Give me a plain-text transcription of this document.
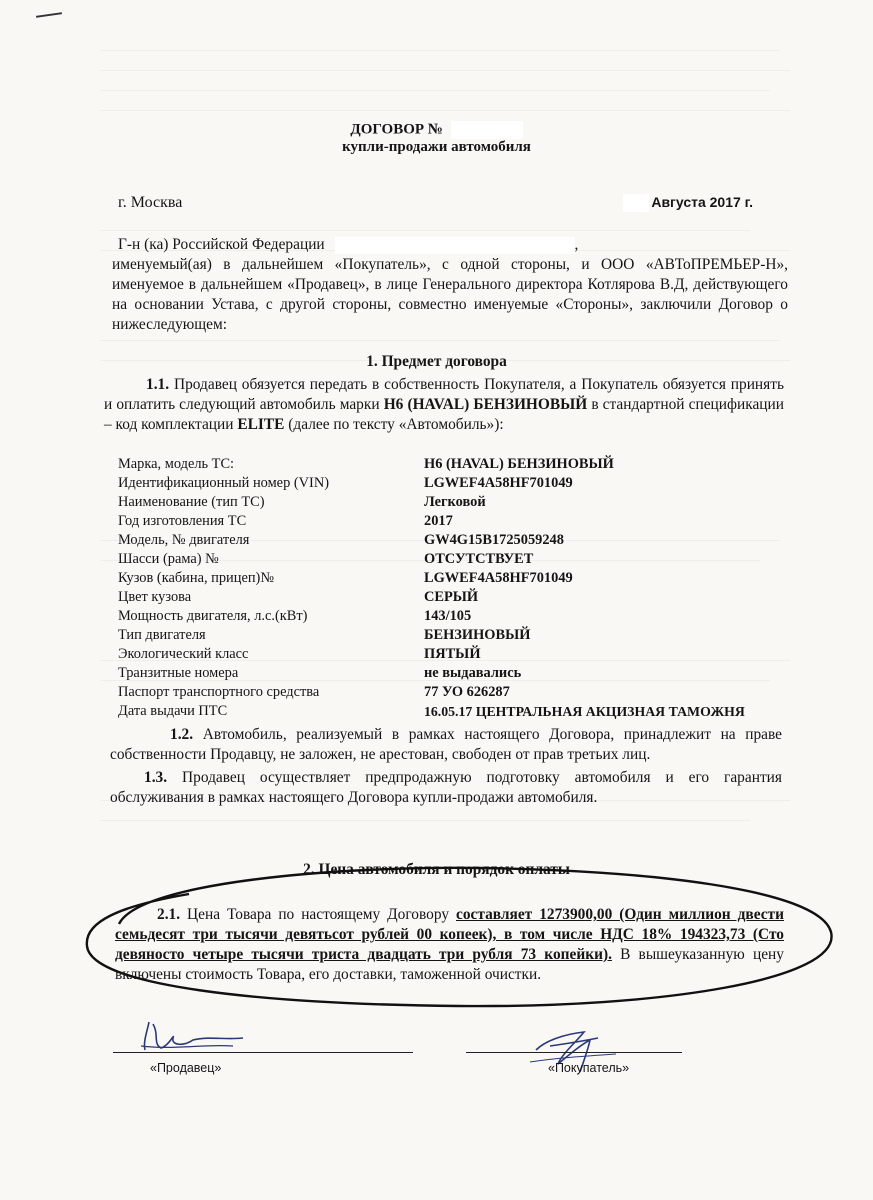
ДОГОВОР №
купли-продажи автомобиля
г. Москва	Августа 2017 г.
Г-н (ка) Российской Федерации	,
именуемый(ая) в дальнейшем «Покупатель», с одной стороны, и ООО «АВТоПРЕМЬЕР-Н», именуемое в дальнейшем «Продавец», в лице Генерального директора Котлярова В.Д, действующего на основании Устава, с другой стороны, совместно именуемые «Стороны», заключили Договор о нижеследующем:
1. Предмет договора
1.1. Продавец обязуется передать в собственность Покупателя, а Покупатель обязуется принять и оплатить следующий автомобиль марки Н6 (HAVAL) БЕНЗИНОВЫЙ в стандартной спецификации – код комплектации ELITE (далее по тексту «Автомобиль»):
Марка, модель ТС:	Н6 (HAVAL) БЕНЗИНОВЫЙ
Идентификационный номер (VIN)	LGWEF4A58HF701049
Наименование (тип ТС)	Легковой
Год изготовления ТС	2017
Модель, № двигателя	GW4G15B1725059248
Шасси (рама) №	ОТСУТСТВУЕТ
Кузов (кабина, прицеп)№	LGWEF4A58HF701049
Цвет кузова	СЕРЫЙ
Мощность двигателя, л.с.(кВт)	143/105
Тип двигателя	БЕНЗИНОВЫЙ
Экологический класс	ПЯТЫЙ
Транзитные номера	не выдавались
Паспорт транспортного средства	77 УО 626287
Дата выдачи ПТС	16.05.17 ЦЕНТРАЛЬНАЯ АКЦИЗНАЯ ТАМОЖНЯ
1.2. Автомобиль, реализуемый в рамках настоящего Договора, принадлежит на праве собственности Продавцу, не заложен, не арестован, свободен от прав третьих лиц.
1.3. Продавец осуществляет предпродажную подготовку автомобиля и его гарантия обслуживания в рамках настоящего Договора купли-продажи автомобиля.
2. Цена автомобиля и порядок оплаты
2.1. Цена Товара по настоящему Договору составляет 1273900,00 (Один миллион двести семьдесят три тысячи девятьсот рублей 00 копеек), в том числе НДС 18% 194323,73 (Сто девяносто четыре тысячи триста двадцать три рубля 73 копейки). В вышеуказанную цену включены стоимость Товара, его доставки, таможенной очистки.
«Продавец»	«Покупатель»
